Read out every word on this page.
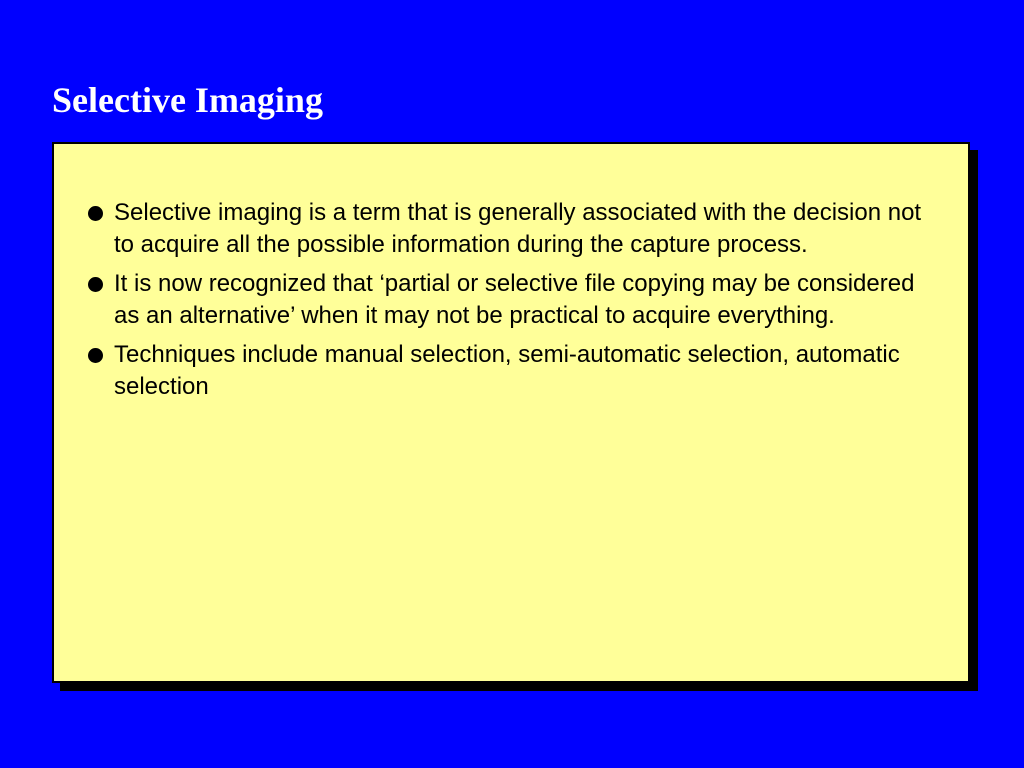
Selective Imaging
Selective imaging is a term that is generally associated with the decision not to acquire all the possible information during the capture process.
It is now recognized that ‘partial or selective file copying may be considered as an alternative’ when it may not be practical to acquire everything.
Techniques include manual selection, semi-automatic selection, automatic selection
